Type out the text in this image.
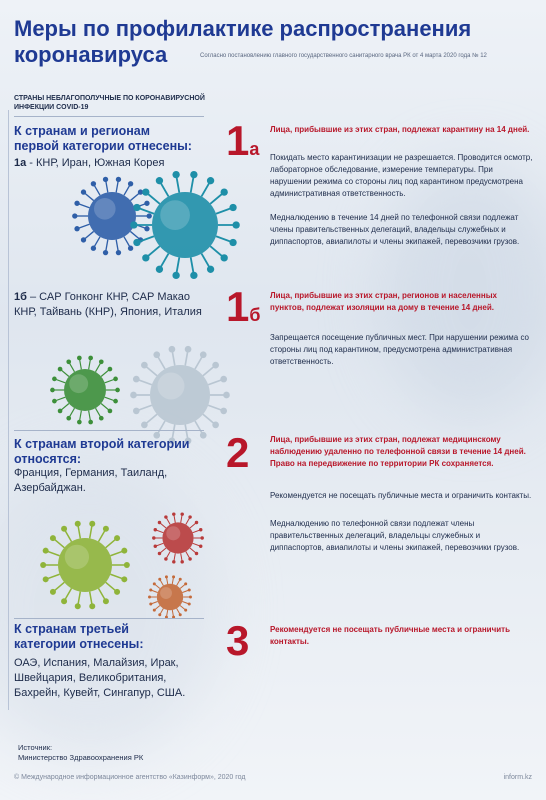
Меры по профилактике распространения
коронавируса	Согласно постановлению главного государственного санитарного врача РК от 4 марта 2020 года № 12
СТРАНЫ НЕБЛАГОПОЛУЧНЫЕ ПО КОРОНАВИРУСНОЙ ИНФЕКЦИИ COVID-19
К странам и регионам первой категории отнесены:
1а - КНР, Иран, Южная Корея
1б – САР Гонконг КНР, САР Макао КНР, Тайвань (КНР), Япония, Италия
К странам второй категории относятся:
Франция, Германия, Таиланд, Азербайджан.
К странам третьей категории отнесены:
ОАЭ, Испания, Малайзия, Ирак, Швейцария, Великобритания, Бахрейн, Кувейт, Сингапур, США.
1а
Лица, прибывшие из этих стран, подлежат карантину на 14 дней.
Покидать место карантинизации не разрешается. Проводится осмотр, лабораторное обследование, измерение температуры. При нарушении режима со стороны лиц под карантином предусмотрена административная ответственность.
Медналюдению в течение 14 дней по телефонной связи подлежат члены правительственных делегаций, владельцы служебных и диппаспортов, авиапилоты и члены экипажей, перевозчики грузов.
1б
Лица, прибывшие из этих стран, регионов и населенных пунктов, подлежат изоляции на дому в течение 14 дней.
Запрещается посещение публичных мест. При нарушении режима со стороны лиц под карантином, предусмотрена административная ответственность.
2	Лица, прибывшие из этих стран, подлежат медицинскому наблюдению удаленно по телефонной связи в течение 14 дней. Право на передвижение по территории РК сохраняется.
Рекомендуется не посещать публичные места и ограничить контакты.
Медналюдению по телефонной связи подлежат члены правительственных делегаций, владельцы служебных и диппаспортов, авиапилоты и члены экипажей, перевозчики грузов.
3	Рекомендуется не посещать публичные места и ограничить контакты.
Источник:
Министерство Здравоохранения РК
© Международное информационное агентство «Казинформ», 2020 год	inform.kz
